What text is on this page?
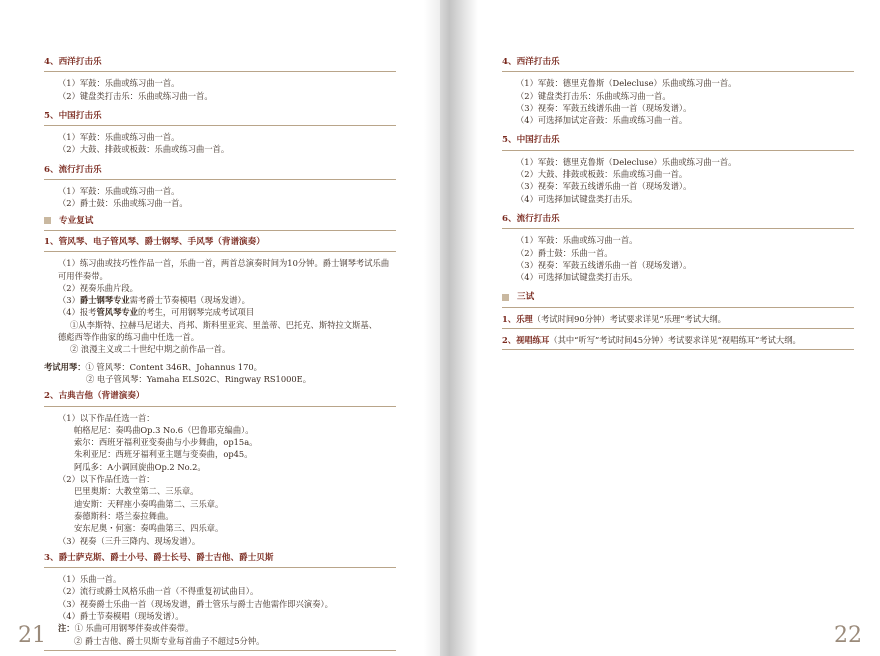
4、西洋打击乐
（1）军鼓：乐曲或练习曲一首。
（2）键盘类打击乐：乐曲或练习曲一首。
5、中国打击乐
（1）军鼓：乐曲或练习曲一首。
（2）大鼓、排鼓或板鼓：乐曲或练习曲一首。
6、流行打击乐
（1）军鼓：乐曲或练习曲一首。
（2）爵士鼓：乐曲或练习曲一首。
专业复试
1、管风琴、电子管风琴、爵士钢琴、手风琴（背谱演奏）
（1）练习曲或技巧性作品一首，乐曲一首，两首总演奏时间为10分钟。爵士钢琴考试乐曲
可用伴奏带。
（2）视奏乐曲片段。
（3）爵士钢琴专业需考爵士节奏模唱（现场发谱）。
（4）报考管风琴专业的考生，可用钢琴完成考试项目
①从李斯特、拉赫马尼诺夫、肖邦、斯科里亚宾、里盖蒂、巴托克、斯特拉文斯基、
德彪西等作曲家的练习曲中任选一首。
② 浪漫主义或二十世纪中期之前作品一首。
考试用琴：① 管风琴：Content 346R、Johannus 170。
② 电子管风琴：Yamaha ELS02C、Ringway RS1000E。
2、古典吉他（背谱演奏）
（1）以下作品任选一首：
帕格尼尼：奏鸣曲Op.3 No.6（巴鲁耶克编曲）。
索尔：西班牙福利亚变奏曲与小步舞曲，op15a。
朱利亚尼：西班牙福利亚主题与变奏曲，op45。
阿瓜多：A小调回旋曲Op.2 No.2。
（2）以下作品任选一首：
巴里奥斯：大教堂第二、三乐章。
迪安斯：天秤座小奏鸣曲第二、三乐章。
泰德斯科：塔兰泰拉舞曲。
安东尼奥・何塞：奏鸣曲第三、四乐章。
（3）视奏（三升三降内、现场发谱）。
3、爵士萨克斯、爵士小号、爵士长号、爵士吉他、爵士贝斯
（1）乐曲一首。
（2）流行或爵士风格乐曲一首（不得重复初试曲目）。
（3）视奏爵士乐曲一首（现场发谱，爵士管乐与爵士吉他需作即兴演奏）。
（4）爵士节奏模唱（现场发谱）。
注：① 乐曲可用钢琴伴奏或伴奏带。
② 爵士吉他、爵士贝斯专业每首曲子不超过5分钟。
21
4、西洋打击乐
（1）军鼓：德里克鲁斯（Delecluse）乐曲或练习曲一首。
（2）键盘类打击乐：乐曲或练习曲一首。
（3）视奏：军鼓五线谱乐曲一首（现场发谱）。
（4）可选择加试定音鼓：乐曲或练习曲一首。
5、中国打击乐
（1）军鼓：德里克鲁斯（Delecluse）乐曲或练习曲一首。
（2）大鼓、排鼓或板鼓：乐曲或练习曲一首。
（3）视奏：军鼓五线谱乐曲一首（现场发谱）。
（4）可选择加试键盘类打击乐。
6、流行打击乐
（1）军鼓：乐曲或练习曲一首。
（2）爵士鼓：乐曲一首。
（3）视奏：军鼓五线谱乐曲一首（现场发谱）。
（4）可选择加试键盘类打击乐。
三试
1、乐理（考试时间90分钟）考试要求详见“乐理”考试大纲。
2、视唱练耳（其中“听写”考试时间45分钟）考试要求详见“视唱练耳”考试大纲。
22
